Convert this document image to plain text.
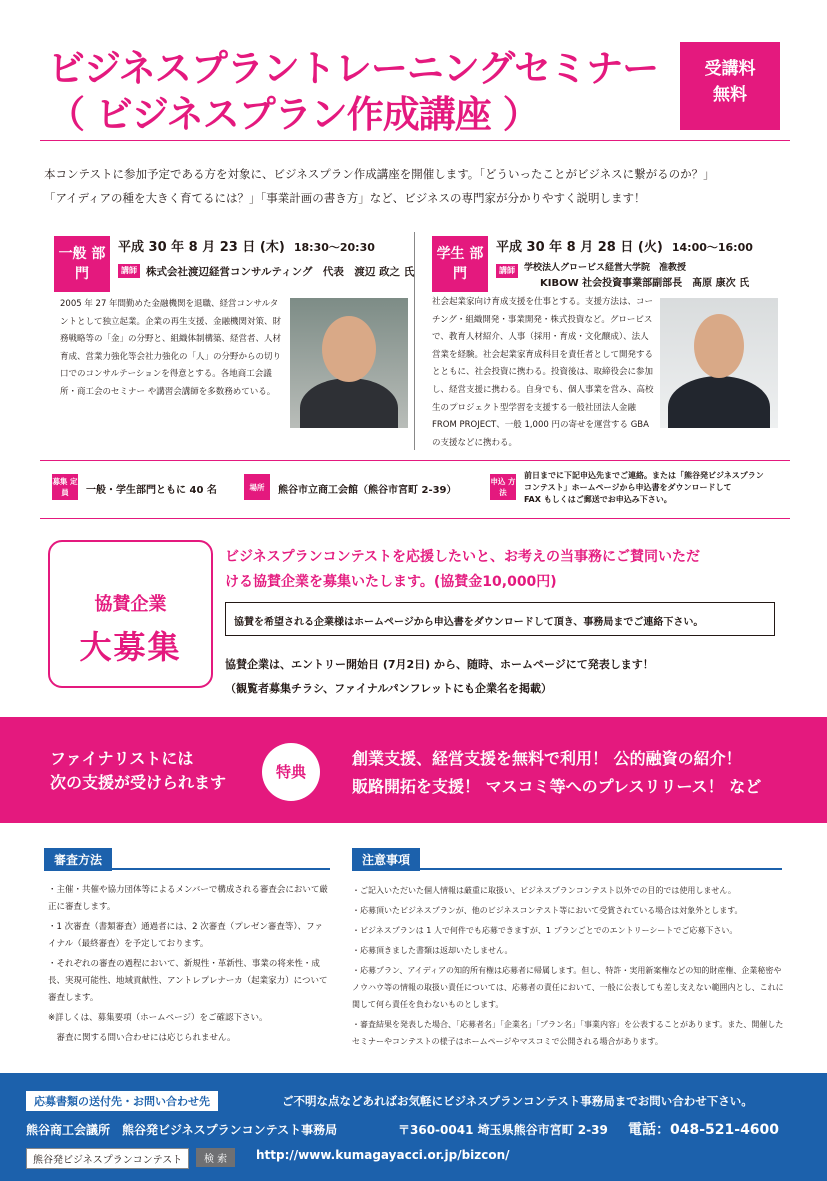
ビジネスプラントレーニングセミナー
（ ビジネスプラン作成講座 ）
受講料
無料
本コンテストに参加予定である方を対象に、ビジネスプラン作成講座を開催します。「どういったことがビジネスに繋がるのか？」
「アイディアの種を大きく育てるには？」「事業計画の書き方」など、ビジネスの専門家が分かりやすく説明します！
一般 部門
平成 30 年 8 月 23 日 (木) 18:30～20:30
講師 株式会社渡辺経営コンサルティング　代表　渡辺 政之 氏
2005 年 27 年間勤めた金融機関を退職、経営コンサルタントとして独立起業。企業の再生支援、金融機関対策、財務戦略等の「金」の分野と、組織体制構築、経営者、人材育成、営業力強化等会社力強化の「人」の分野からの切り口でのコンサルテーションを得意とする。各地商工会議所・商工会のセミナー や講習会講師を多数務めている。
学生 部門
平成 30 年 8 月 28 日 (火) 14:00～16:00
講師	学校法人グロービス経営大学院　准教授
KIBOW 社会投資事業部副部長　髙原 康次 氏
社会起業家向け育成支援を仕事とする。支援方法は、コーチング・組織開発・事業開発・株式投資など。グロービスで、教育人材紹介、人事（採用・育成・文化醸成）、法人営業を経験。社会起業家育成科目を責任者として開発するとともに、社会投資に携わる。投資後は、取締役会に参加し、経営支援に携わる。自身でも、個人事業を営み、高校生のプロジェクト型学習を支援する一般社団法人金融 FROM PROJECT、一般 1,000 円の寄せを運営する GBA の支援などに携わる。
募集 定員	一般・学生部門ともに 40 名	場所	熊谷市立商工会館（熊谷市宮町 2-39）
申込 方法
前日までに下記申込先までご連絡。または「熊谷発ビジネスプラン
コンテスト」ホームページから申込書をダウンロードして
FAX もしくはご郵送でお申込み下さい。
協賛企業
大募集
ビジネスプランコンテストを応援したいと、お考えの当事務にご賛同いただ
ける協賛企業を募集いたします。(協賛金10,000円)
協賛を希望される企業様はホームページから申込書をダウンロードして頂き、事務局までご連絡下さい。
協賛企業は、エントリー開始日 (7月2日) から、随時、ホームページにて発表します！
（観覧者募集チラシ、ファイナルパンフレットにも企業名を掲載）
ファイナリストには
次の支援が受けられます
特典
創業支援、経営支援を無料で利用！ 公的融資の紹介！
販路開拓を支援！ マスコミ等へのプレスリリース！ など
審査方法

・主催・共催や協力団体等によるメンバーで構成される審査会において厳正に審査します。

・1 次審査（書類審査）通過者には、2 次審査（プレゼン審査等）、ファイナル（最終審査）を予定しております。

・それぞれの審査の過程において、新規性・革新性、事業の将来性・成長、実現可能性、地域貢献性、アントレプレナーカ（起業家力）について審査します。

※詳しくは、募集要項（ホームページ）をご確認下さい。

　審査に関する問い合わせには応じられません。

注意事項

・ご記入いただいた個人情報は厳重に取扱い、ビジネスプランコンテスト以外での目的では使用しません。

・応募頂いたビジネスプランが、他のビジネスコンテスト等において受賞されている場合は対象外とします。

・ビジネスプランは 1 人で何件でも応募できますが、1 プランごとでのエントリーシートでご応募下さい。

・応募頂きました書類は返却いたしません。

・応募プラン、アイディアの知的所有権は応募者に帰属します。但し、特許・実用新案権などの知的財産権、企業秘密やノウハウ等の情報の取扱い責任については、応募者の責任において、一般に公表しても差し支えない範囲内とし、これに関して何ら責任を負わないものとします。

・審査結果を発表した場合、「応募者名」「企業名」「プラン名」「事業内容」を公表することがあります。また、開催したセミナーやコンテストの様子はホームページやマスコミで公開される場合があります。

応募書類の送付先・お問い合わせ先	ご不明な点などあればお気軽にビジネスプランコンテスト事務局までお問い合わせ下さい。
熊谷商工会議所　熊谷発ビジネスプランコンテスト事務局	〒360-0041 埼玉県熊谷市宮町 2-39 電話：048-521-4600
熊谷発ビジネスプランコンテスト	検 索	http://www.kumagayacci.or.jp/bizcon/
